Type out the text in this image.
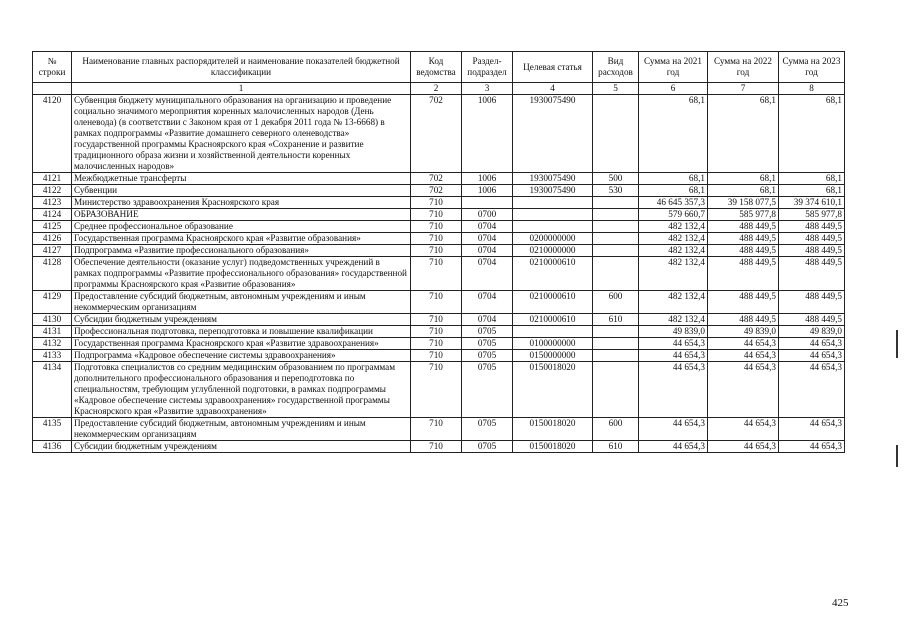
№ строки	Наименование главных распорядителей и наименование показателей бюджетной классификации	Код ведомства	Раздел-подраздел	Целевая статья	Вид расходов	Сумма на 2021 год	Сумма на 2022 год	Сумма на 2023 год
	1	2	3	4	5	6	7	8
4120	Субвенция бюджету муниципального образования на организацию и проведение социально значимого мероприятия коренных малочисленных народов (День оленевода) (в соответствии с Законом края от 1 декабря 2011 года № 13-6668) в рамках подпрограммы «Развитие домашнего северного оленеводства» государственной программы Красноярского края «Сохранение и развитие традиционного образа жизни и хозяйственной деятельности коренных малочисленных народов»	702	1006	1930075490		68,1	68,1	68,1
4121	Межбюджетные трансферты	702	1006	1930075490	500	68,1	68,1	68,1
4122	Субвенции	702	1006	1930075490	530	68,1	68,1	68,1
4123	Министерство здравоохранения Красноярского края	710				46 645 357,3	39 158 077,5	39 374 610,1
4124	ОБРАЗОВАНИЕ	710	0700			579 660,7	585 977,8	585 977,8
4125	Среднее профессиональное образование	710	0704			482 132,4	488 449,5	488 449,5
4126	Государственная программа Красноярского края «Развитие образования»	710	0704	0200000000		482 132,4	488 449,5	488 449,5
4127	Подпрограмма «Развитие профессионального образования»	710	0704	0210000000		482 132,4	488 449,5	488 449,5
4128	Обеспечение деятельности (оказание услуг) подведомственных учреждений в рамках подпрограммы «Развитие профессионального образования» государственной программы Красноярского края «Развитие образования»	710	0704	0210000610		482 132,4	488 449,5	488 449,5
4129	Предоставление субсидий бюджетным, автономным учреждениям и иным некоммерческим организациям	710	0704	0210000610	600	482 132,4	488 449,5	488 449,5
4130	Субсидии бюджетным учреждениям	710	0704	0210000610	610	482 132,4	488 449,5	488 449,5
4131	Профессиональная подготовка, переподготовка и повышение квалификации	710	0705			49 839,0	49 839,0	49 839,0
4132	Государственная программа Красноярского края «Развитие здравоохранения»	710	0705	0100000000		44 654,3	44 654,3	44 654,3
4133	Подпрограмма «Кадровое обеспечение системы здравоохранения»	710	0705	0150000000		44 654,3	44 654,3	44 654,3
4134	Подготовка специалистов со средним медицинским образованием по программам дополнительного профессионального образования и переподготовка по специальностям, требующим углубленной подготовки, в рамках подпрограммы «Кадровое обеспечение системы здравоохранения» государственной программы Красноярского края «Развитие здравоохранения»	710	0705	0150018020		44 654,3	44 654,3	44 654,3
4135	Предоставление субсидий бюджетным, автономным учреждениям и иным некоммерческим организациям	710	0705	0150018020	600	44 654,3	44 654,3	44 654,3
4136	Субсидии бюджетным учреждениям	710	0705	0150018020	610	44 654,3	44 654,3	44 654,3
425
